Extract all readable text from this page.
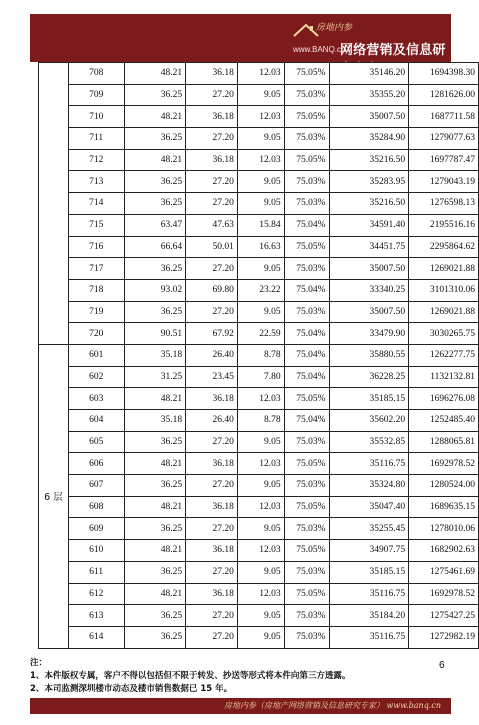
房地内参
www.BANQ.cn
网络营销及信息研究专家
	708	48.21	36.18	12.03	75.05%	35146.20	1694398.30
	709	36.25	27.20	9.05	75.03%	35355.20	1281626.00
	710	48.21	36.18	12.03	75.05%	35007.50	1687711.58
	711	36.25	27.20	9.05	75.03%	35284.90	1279077.63
	712	48.21	36.18	12.03	75.05%	35216.50	1697787.47
	713	36.25	27.20	9.05	75.03%	35283.95	1279043.19
	714	36.25	27.20	9.05	75.03%	35216.50	1276598.13
	715	63.47	47.63	15.84	75.04%	34591.40	2195516.16
	716	66.64	50.01	16.63	75.05%	34451.75	2295864.62
	717	36.25	27.20	9.05	75.03%	35007.50	1269021.88
	718	93.02	69.80	23.22	75.04%	33340.25	3101310.06
	719	36.25	27.20	9.05	75.03%	35007.50	1269021.88
	720	90.51	67.92	22.59	75.04%	33479.90	3030265.75
6 层	601	35.18	26.40	8.78	75.04%	35880.55	1262277.75
	602	31.25	23.45	7.80	75.04%	36228.25	1132132.81
	603	48.21	36.18	12.03	75.05%	35185.15	1696276.08
	604	35.18	26.40	8.78	75.04%	35602.20	1252485.40
	605	36.25	27.20	9.05	75.03%	35532.85	1288065.81
	606	48.21	36.18	12.03	75.05%	35116.75	1692978.52
	607	36.25	27.20	9.05	75.03%	35324.80	1280524.00
	608	48.21	36.18	12.03	75.05%	35047.40	1689635.15
	609	36.25	27.20	9.05	75.03%	35255.45	1278010.06
	610	48.21	36.18	12.03	75.05%	34907.75	1682902.63
	611	36.25	27.20	9.05	75.03%	35185.15	1275461.69
	612	48.21	36.18	12.03	75.05%	35116.75	1692978.52
	613	36.25	27.20	9.05	75.03%	35184.20	1275427.25
	614	36.25	27.20	9.05	75.03%	35116.75	1272982.19
6
注：
1、本件版权专属，客户不得以包括但不限于转发、抄送等形式将本件向第三方透露。
2、本司监测深圳楼市动态及楼市销售数据已 15 年。
房地内参（房地产网络营销及信息研究专家） www.banq.cn
